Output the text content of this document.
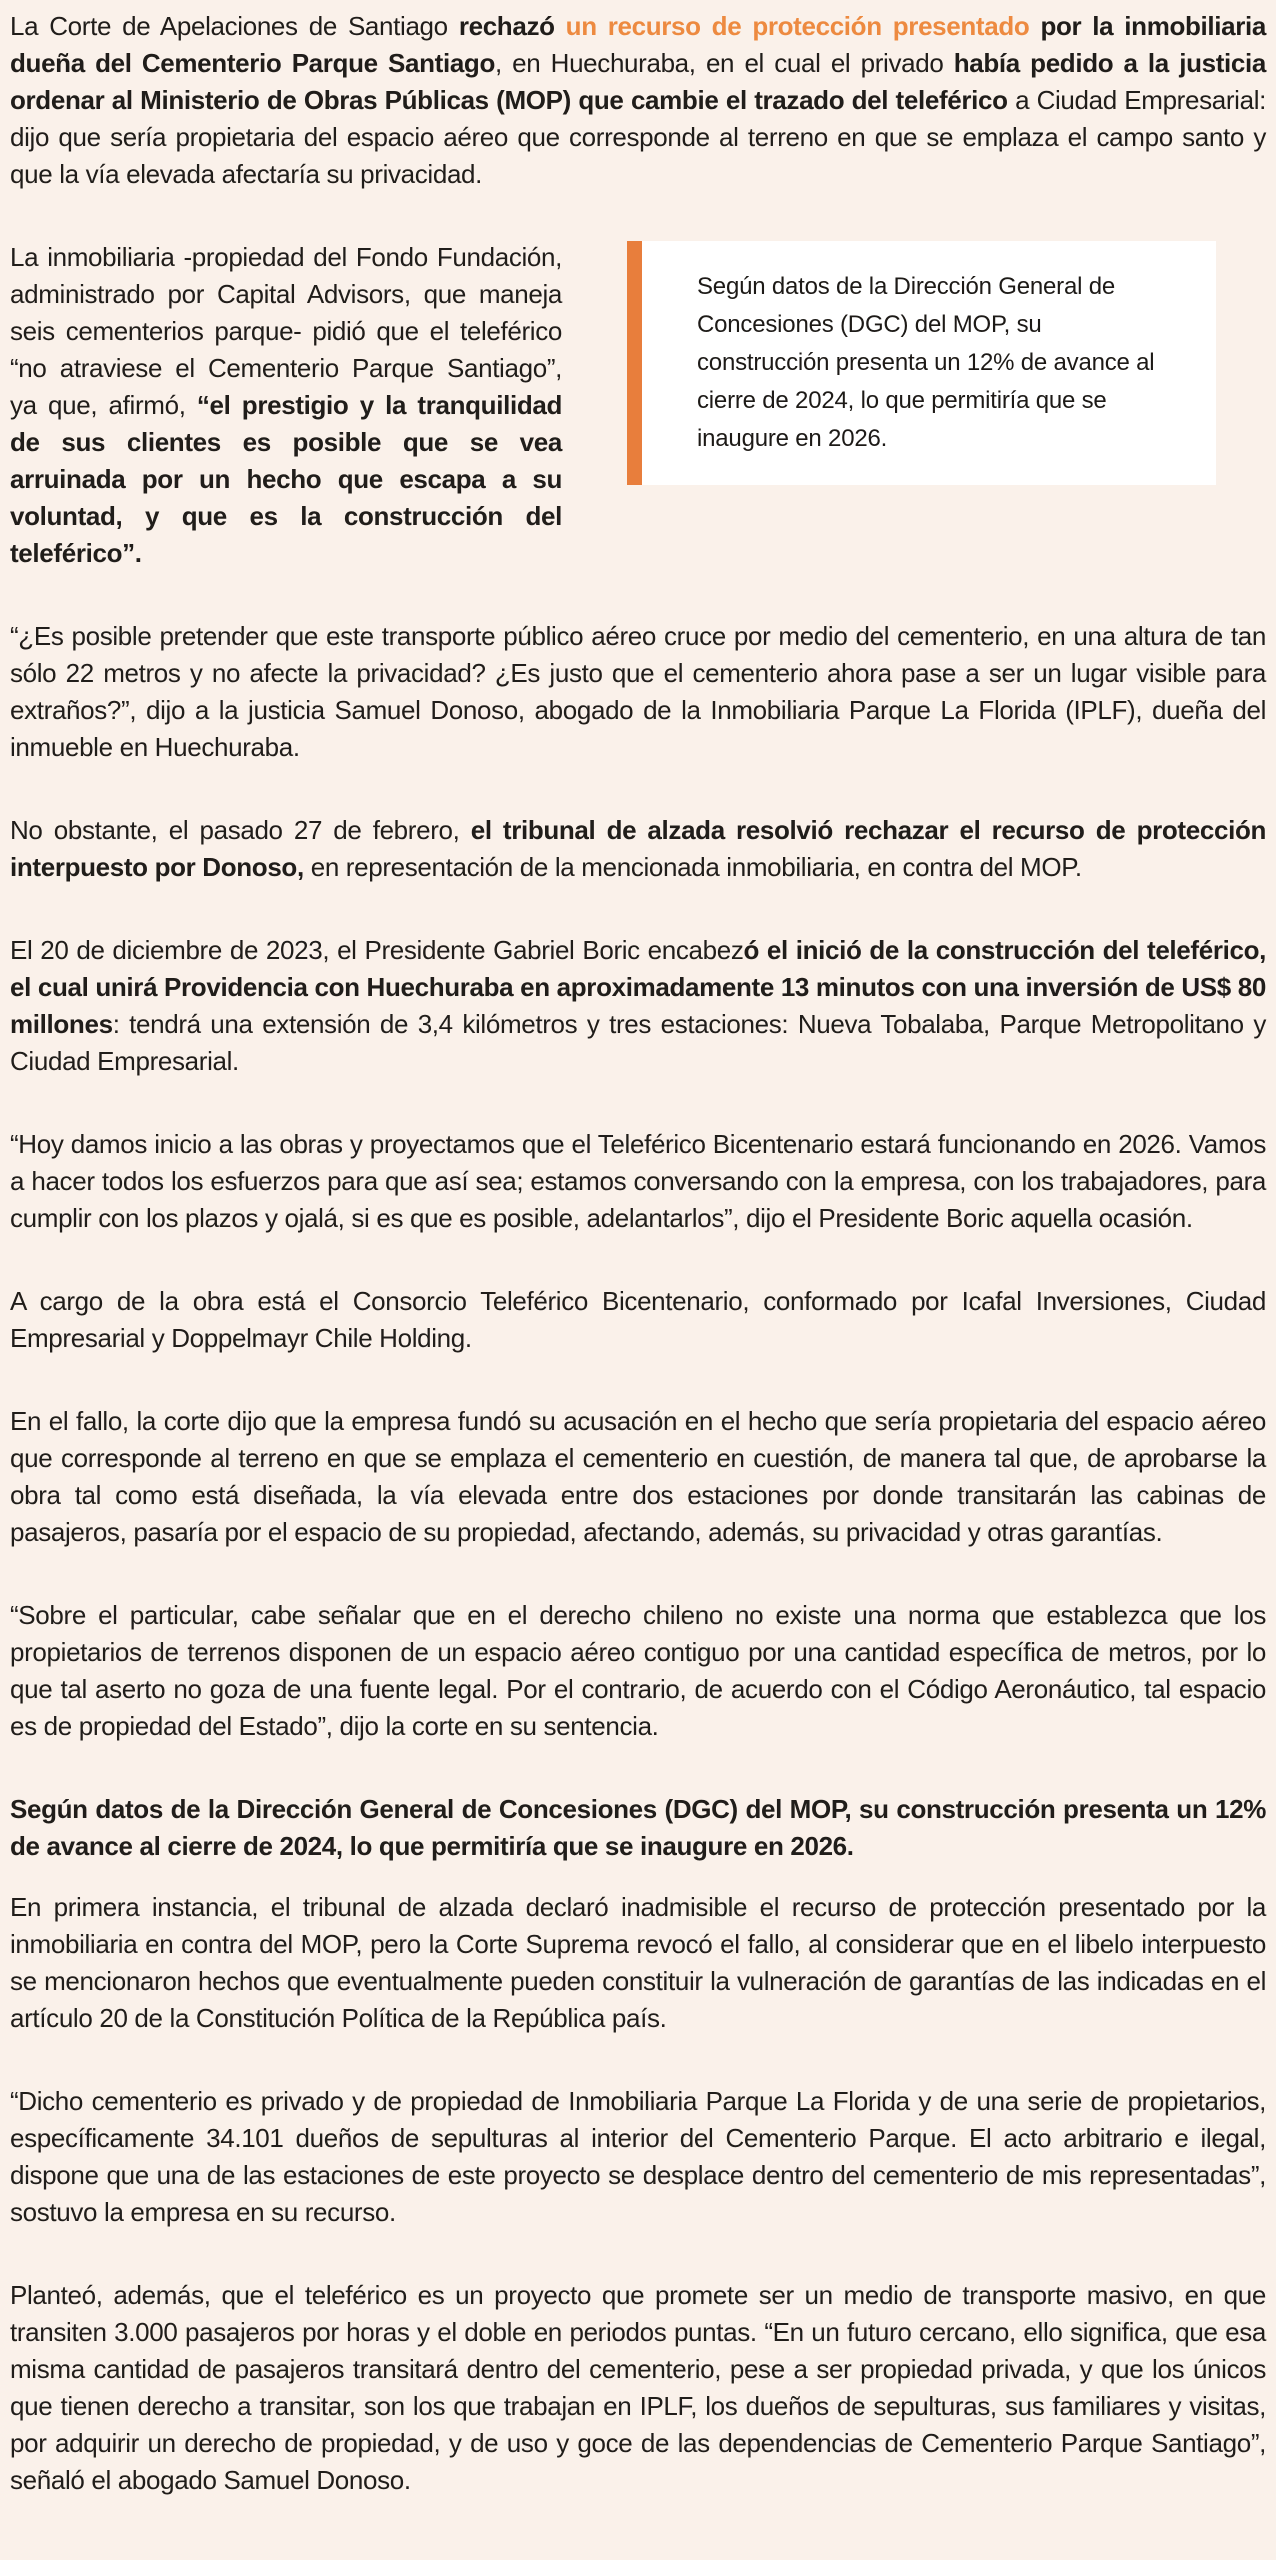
La Corte de Apelaciones de Santiago rechazó un recurso de protección presentado por la inmobiliaria dueña del Cementerio Parque Santiago, en Huechuraba, en el cual el privado había pedido a la justicia ordenar al Ministerio de Obras Públicas (MOP) que cambie el trazado del teleférico a Ciudad Empresarial: dijo que sería propietaria del espacio aéreo que corresponde al terreno en que se emplaza el campo santo y que la vía elevada afectaría su privacidad.

Según datos de la Dirección General de Concesiones (DGC) del MOP, su construcción presenta un 12% de avance al cierre de 2024, lo que permitiría que se inaugure en 2026.

La inmobiliaria -propiedad del Fondo Fundación, administrado por Capital Advisors, que maneja seis cementerios parque- pidió que el teleférico “no atraviese el Cementerio Parque Santiago”, ya que, afirmó, “el prestigio y la tranquilidad de sus clientes es posible que se vea arruinada por un hecho que escapa a su voluntad, y que es la construcción del teleférico”.

“¿Es posible pretender que este transporte público aéreo cruce por medio del cementerio, en una altura de tan sólo 22 metros y no afecte la privacidad? ¿Es justo que el cementerio ahora pase a ser un lugar visible para extraños?”, dijo a la justicia Samuel Donoso, abogado de la Inmobiliaria Parque La Florida (IPLF), dueña del inmueble en Huechuraba.

No obstante, el pasado 27 de febrero, el tribunal de alzada resolvió rechazar el recurso de protección interpuesto por Donoso, en representación de la mencionada inmobiliaria, en contra del MOP.

El 20 de diciembre de 2023, el Presidente Gabriel Boric encabezó el inició de la construcción del teleférico, el cual unirá Providencia con Huechuraba en aproximadamente 13 minutos con una inversión de US$ 80 millones: tendrá una extensión de 3,4 kilómetros y tres estaciones: Nueva Tobalaba, Parque Metropolitano y Ciudad Empresarial.

“Hoy damos inicio a las obras y proyectamos que el Teleférico Bicentenario estará funcionando en 2026. Vamos a hacer todos los esfuerzos para que así sea; estamos conversando con la empresa, con los trabajadores, para cumplir con los plazos y ojalá, si es que es posible, adelantarlos”, dijo el Presidente Boric aquella ocasión.

A cargo de la obra está el Consorcio Teleférico Bicentenario, conformado por Icafal Inversiones, Ciudad Empresarial y Doppelmayr Chile Holding.

En el fallo, la corte dijo que la empresa fundó su acusación en el hecho que sería propietaria del espacio aéreo que corresponde al terreno en que se emplaza el cementerio en cuestión, de manera tal que, de aprobarse la obra tal como está diseñada, la vía elevada entre dos estaciones por donde transitarán las cabinas de pasajeros, pasaría por el espacio de su propiedad, afectando, además, su privacidad y otras garantías.

“Sobre el particular, cabe señalar que en el derecho chileno no existe una norma que establezca que los propietarios de terrenos disponen de un espacio aéreo contiguo por una cantidad específica de metros, por lo que tal aserto no goza de una fuente legal. Por el contrario, de acuerdo con el Código Aeronáutico, tal espacio es de propiedad del Estado”, dijo la corte en su sentencia.

Según datos de la Dirección General de Concesiones (DGC) del MOP, su construcción presenta un 12% de avance al cierre de 2024, lo que permitiría que se inaugure en 2026.

En primera instancia, el tribunal de alzada declaró inadmisible el recurso de protección presentado por la inmobiliaria en contra del MOP, pero la Corte Suprema revocó el fallo, al considerar que en el libelo interpuesto se mencionaron hechos que eventualmente pueden constituir la vulneración de garantías de las indicadas en el artículo 20 de la Constitución Política de la República país.

“Dicho cementerio es privado y de propiedad de Inmobiliaria Parque La Florida y de una serie de propietarios, específicamente 34.101 dueños de sepulturas al interior del Cementerio Parque. El acto arbitrario e ilegal, dispone que una de las estaciones de este proyecto se desplace dentro del cementerio de mis representadas”, sostuvo la empresa en su recurso.

Planteó, además, que el teleférico es un proyecto que promete ser un medio de transporte masivo, en que transiten 3.000 pasajeros por horas y el doble en periodos puntas. “En un futuro cercano, ello significa, que esa misma cantidad de pasajeros transitará dentro del cementerio, pese a ser propiedad privada, y que los únicos que tienen derecho a transitar, son los que trabajan en IPLF, los dueños de sepulturas, sus familiares y visitas, por adquirir un derecho de propiedad, y de uso y goce de las dependencias de Cementerio Parque Santiago”, señaló el abogado Samuel Donoso.
